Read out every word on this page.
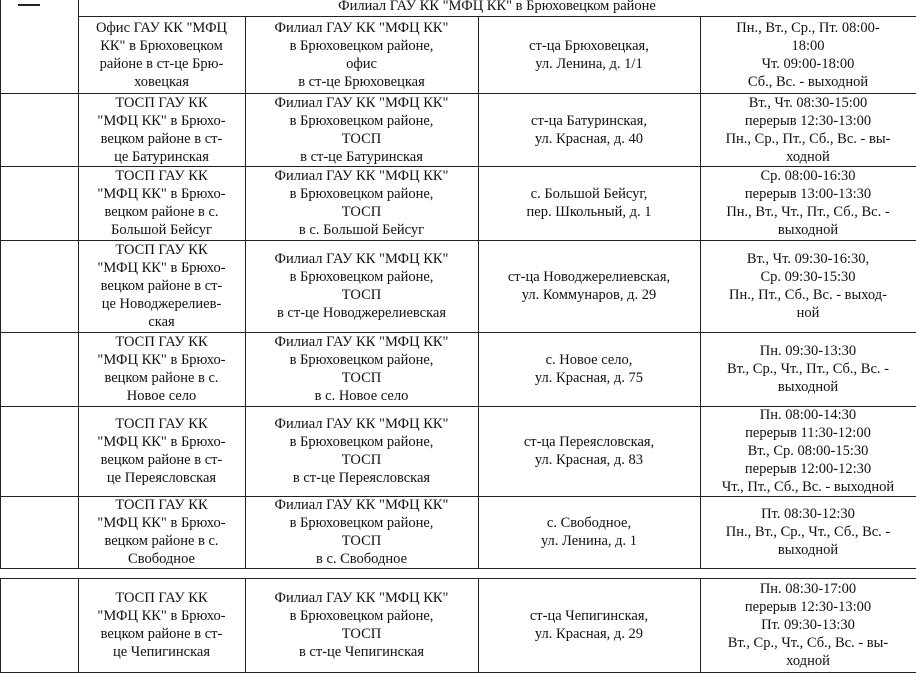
Филиал ГАУ КК "МФЦ КК" в Брюховецком районе
Офис ГАУ КК "МФЦ
КК" в Брюховецком
районе в ст-це Брю-
ховецкая
Филиал ГАУ КК "МФЦ КК"
в Брюховецком районе,
офис
в ст-це Брюховецкая
ст-ца Брюховецкая,
ул. Ленина, д. 1/1
Пн., Вт., Ср., Пт. 08:00-
18:00
Чт. 09:00-18:00
Сб., Вс. - выходной
ТОСП ГАУ КК
"МФЦ КК" в Брюхо-
вецком районе в ст-
це Батуринская
Филиал ГАУ КК "МФЦ КК"
в Брюховецком районе,
ТОСП
в ст-це Батуринская
ст-ца Батуринская,
ул. Красная, д. 40
Вт., Чт. 08:30-15:00
перерыв 12:30-13:00
Пн., Ср., Пт., Сб., Вс. - вы-
ходной
ТОСП ГАУ КК
"МФЦ КК" в Брюхо-
вецком районе в с.
Большой Бейсуг
Филиал ГАУ КК "МФЦ КК"
в Брюховецком районе,
ТОСП
в с. Большой Бейсуг
с. Большой Бейсуг,
пер. Школьный, д. 1
Ср. 08:00-16:30
перерыв 13:00-13:30
Пн., Вт., Чт., Пт., Сб., Вс. -
выходной
ТОСП ГАУ КК
"МФЦ КК" в Брюхо-
вецком районе в ст-
це Новоджерелиев-
ская
Филиал ГАУ КК "МФЦ КК"
в Брюховецком районе,
ТОСП
в ст-це Новоджерелиевская
ст-ца Новоджерелиевская,
ул. Коммунаров, д. 29
Вт., Чт. 09:30-16:30,
Ср. 09:30-15:30
Пн., Пт., Сб., Вс. - выход-
ной
ТОСП ГАУ КК
"МФЦ КК" в Брюхо-
вецком районе в с.
Новое село
Филиал ГАУ КК "МФЦ КК"
в Брюховецком районе,
ТОСП
в с. Новое село
с. Новое село,
ул. Красная, д. 75
Пн. 09:30-13:30
Вт., Ср., Чт., Пт., Сб., Вс. -
выходной
ТОСП ГАУ КК
"МФЦ КК" в Брюхо-
вецком районе в ст-
це Переясловская
Филиал ГАУ КК "МФЦ КК"
в Брюховецком районе,
ТОСП
в ст-це Переясловская
ст-ца Переясловская,
ул. Красная, д. 83
Пн. 08:00-14:30
перерыв 11:30-12:00
Вт., Ср. 08:00-15:30
перерыв 12:00-12:30
Чт., Пт., Сб., Вс. - выходной
ТОСП ГАУ КК
"МФЦ КК" в Брюхо-
вецком районе в с.
Свободное
Филиал ГАУ КК "МФЦ КК"
в Брюховецком районе,
ТОСП
в с. Свободное
с. Свободное,
ул. Ленина, д. 1
Пт. 08:30-12:30
Пн., Вт., Ср., Чт., Сб., Вс. -
выходной
ТОСП ГАУ КК
"МФЦ КК" в Брюхо-
вецком районе в ст-
це Чепигинская
Филиал ГАУ КК "МФЦ КК"
в Брюховецком районе,
ТОСП
в ст-це Чепигинская
ст-ца Чепигинская,
ул. Красная, д. 29
Пн. 08:30-17:00
перерыв 12:30-13:00
Пт. 09:30-13:30
Вт., Ср., Чт., Сб., Вс. - вы-
ходной
